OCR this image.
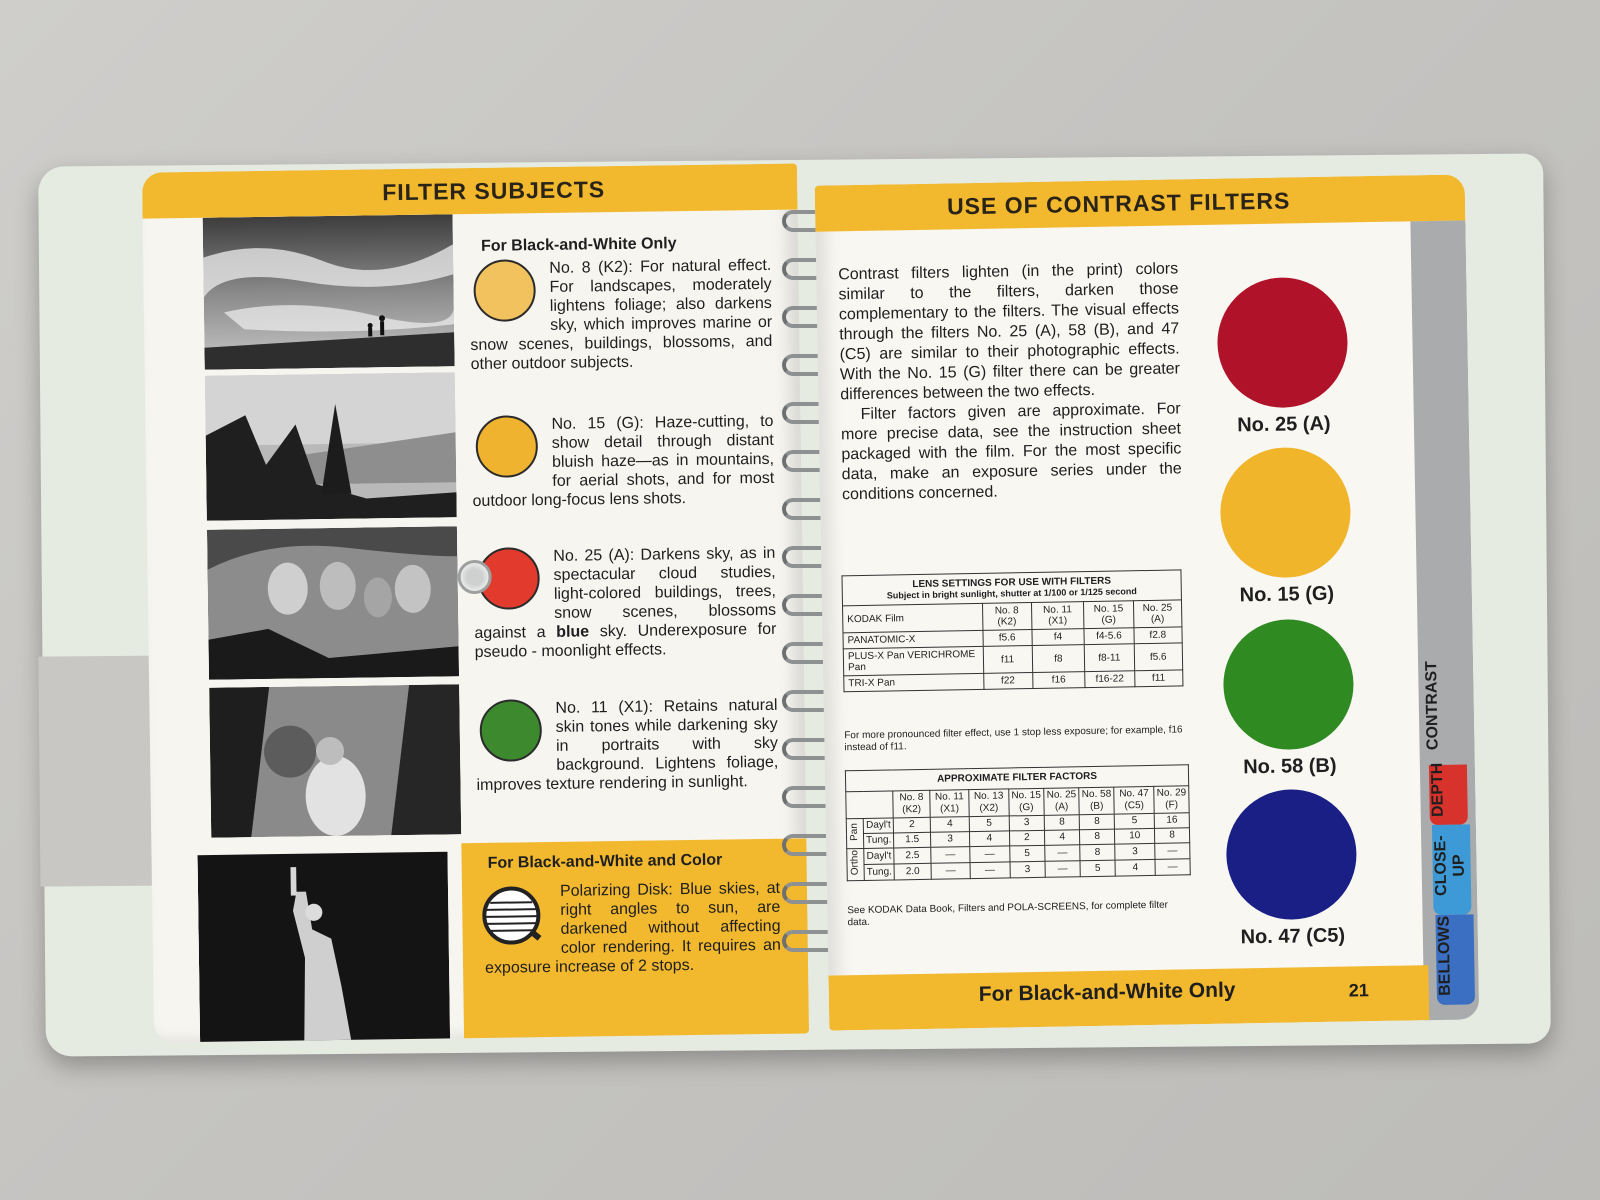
FILTER SUBJECTS
For Black-and-White Only
No. 8 (K2): For natural effect. For landscapes, moderately lightens foliage; also darkens sky, which improves marine or snow scenes, buildings, blossoms, and other outdoor subjects.
No. 15 (G): Haze-cutting, to show detail through distant bluish haze—as in mountains, for aerial shots, and for most outdoor long-focus lens shots.
No. 25 (A): Darkens sky, as in spectacular cloud studies, light-colored buildings, trees, snow scenes, blossoms against a blue sky. Underexposure for pseudo - moonlight effects.
No. 11 (X1): Retains natural skin tones while darkening sky in portraits with sky background. Lightens foliage, improves texture rendering in sunlight.
For Black-and-White and Color
Polarizing Disk: Blue skies, at right angles to sun, are darkened without affecting color rendering. It requires an exposure increase of 2 stops.
USE OF CONTRAST FILTERS

Contrast filters lighten (in the print) colors similar to the filters, darken those complementary to the filters. The visual effects through the filters No. 25 (A), 58 (B), and 47 (C5) are similar to their photographic effects. With the No. 15 (G) filter there can be greater differences between the two effects.

Filter factors given are approximate. For more precise data, see the instruction sheet packaged with the film. For the most specific data, make an exposure series under the conditions concerned.

LENS SETTINGS FOR USE WITH FILTERS
Subject in bright sunlight, shutter at 1/100 or 1/125 second				

KODAK Film	No. 8 (K2)	No. 11 (X1)	No. 15 (G)	No. 25 (A)
PANATOMIC-X	f5.6	f4	f4-5.6	f2.8
PLUS-X Pan VERICHROME Pan	f11	f8	f8-11	f5.6
TRI-X Pan	f22	f16	f16-22	f11
For more pronounced filter effect, use 1 stop less exposure; for example, f16 instead of f11.
APPROXIMATE FILTER FACTORS									
		No. 8 (K2)	No. 11 (X1)	No. 13 (X2)	No. 15 (G)	No. 25 (A)	No. 58 (B)	No. 47 (C5)	No. 29 (F)
Pan	Dayl't	2	4	5	3	8	8	5	16
	Tung.	1.5	3	4	2	4	8	10	8
Ortho	Dayl't	2.5	—	—	5	—	8	3	—
	Tung.	2.0	—	—	3	—	5	4	—
See KODAK Data Book, Filters and POLA-SCREENS, for complete filter data.
No. 25 (A)
No. 15 (G)
No. 58 (B)
No. 47 (C5)
For Black-and-White Only	21
CONTRAST
DEPTH
CLOSE-UP
BELLOWS
